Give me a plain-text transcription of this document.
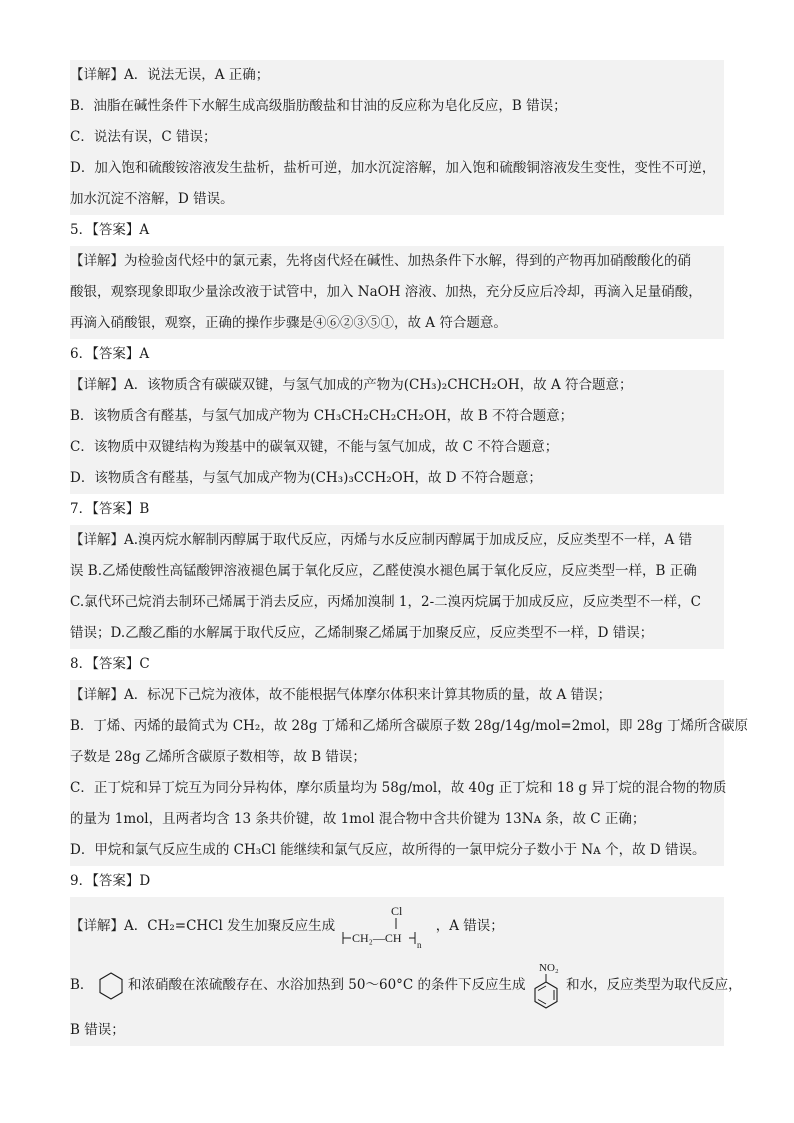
【详解】A．说法无误，A 正确；
B．油脂在碱性条件下水解生成高级脂肪酸盐和甘油的反应称为皂化反应，B 错误；
C．说法有误，C 错误；
D．加入饱和硫酸铵溶液发生盐析，盐析可逆，加水沉淀溶解，加入饱和硫酸铜溶液发生变性，变性不可逆，
加水沉淀不溶解，D 错误。
5．【答案】A
【详解】为检验卤代烃中的氯元素，先将卤代烃在碱性、加热条件下水解，得到的产物再加硝酸酸化的硝
酸银，观察现象即取少量涂改液于试管中，加入 NaOH 溶液、加热，充分反应后冷却，再滴入足量硝酸，
再滴入硝酸银，观察，正确的操作步骤是④⑥②③⑤①，故 A 符合题意。
6．【答案】A
【详解】A．该物质含有碳碳双键，与氢气加成的产物为(CH₃)₂CHCH₂OH，故 A 符合题意；
B．该物质含有醛基，与氢气加成产物为 CH₃CH₂CH₂CH₂OH，故 B 不符合题意；
C．该物质中双键结构为羧基中的碳氧双键，不能与氢气加成，故 C 不符合题意；
D．该物质含有醛基，与氢气加成产物为(CH₃)₃CCH₂OH，故 D 不符合题意；
7．【答案】B
【详解】A.溴丙烷水解制丙醇属于取代反应，丙烯与水反应制丙醇属于加成反应，反应类型不一样，A 错
误 B.乙烯使酸性高锰酸钾溶液褪色属于氧化反应，乙醛使溴水褪色属于氧化反应，反应类型一样，B 正确
C.氯代环己烷消去制环己烯属于消去反应，丙烯加溴制 1，2-二溴丙烷属于加成反应，反应类型不一样，C
错误；D.乙酸乙酯的水解属于取代反应，乙烯制聚乙烯属于加聚反应，反应类型不一样，D 错误；
8．【答案】C
【详解】A．标况下己烷为液体，故不能根据气体摩尔体积来计算其物质的量，故 A 错误；
B．丁烯、丙烯的最简式为 CH₂，故 28g 丁烯和乙烯所含碳原子数 28g/14g/mol=2mol，即 28g 丁烯所含碳原
子数是 28g 乙烯所含碳原子数相等，故 B 错误；
C．正丁烷和异丁烷互为同分异构体，摩尔质量均为 58g/mol，故 40g 正丁烷和 18 g 异丁烷的混合物的物质
的量为 1mol，且两者均含 13 条共价键，故 1mol 混合物中含共价键为 13Nᴀ 条，故 C 正确；
D．甲烷和氯气反应生成的 CH₃Cl 能继续和氯气反应，故所得的一氯甲烷分子数小于 Nᴀ 个，故 D 错误。
9．【答案】D
【详解】A．CH₂=CHCl 发生加聚反应生成
Cl
CH₂—CH n
，A 错误；
B．	和浓硝酸在浓硫酸存在、水浴加热到 50～60°C 的条件下反应生成
NO₂
和水，反应类型为取代反应，
B 错误；
